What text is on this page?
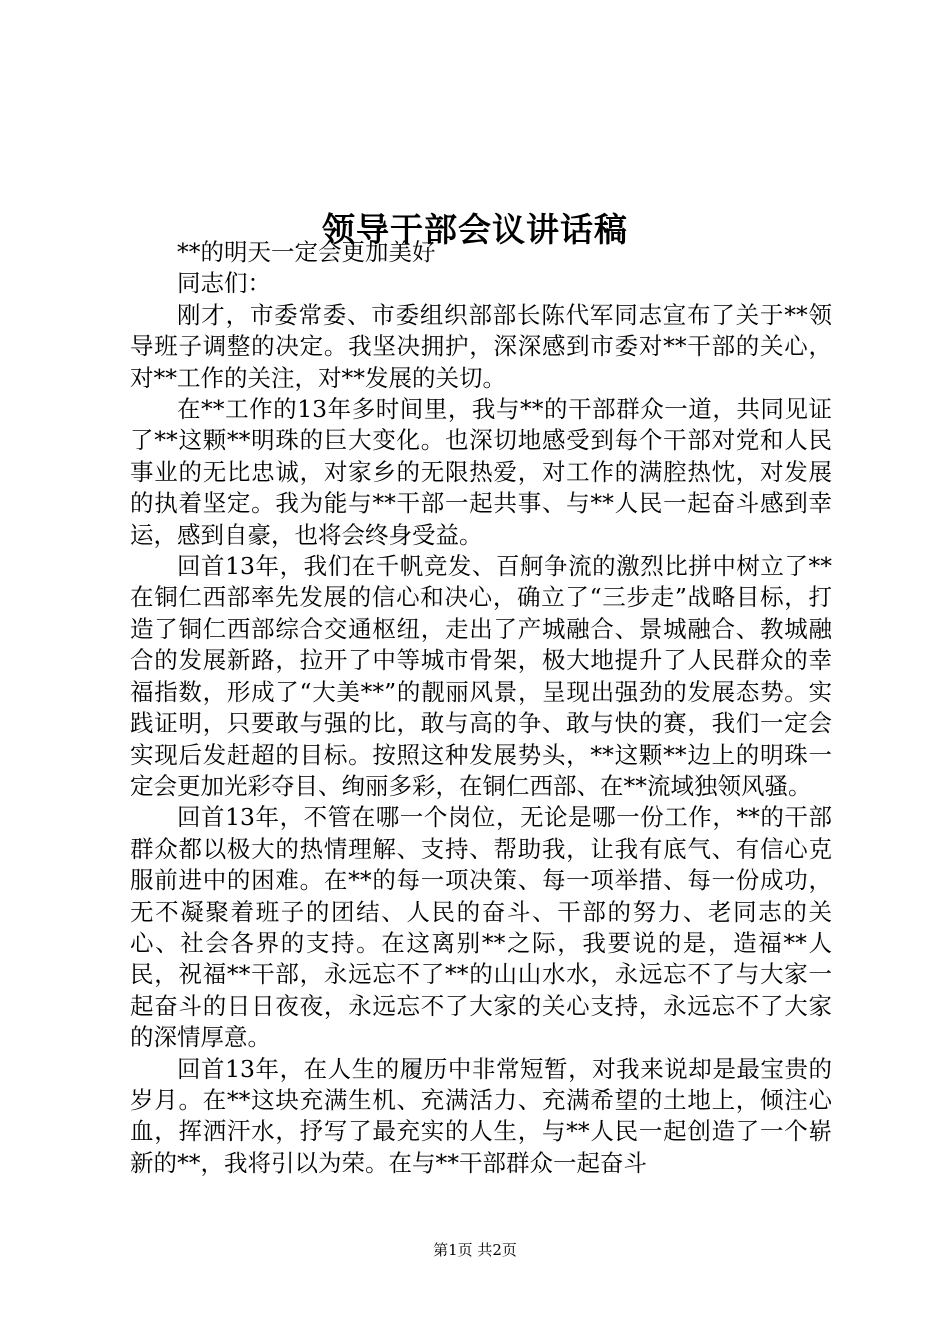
领导干部会议讲话稿

**的明天一定会更加美好

同志们：

刚才，市委常委、市委组织部部长陈代军同志宣布了关于**领导班子调整的决定。我坚决拥护，深深感到市委对**干部的关心，对**工作的关注，对**发展的关切。

在**工作的13年多时间里，我与**的干部群众一道，共同见证了**这颗**明珠的巨大变化。也深切地感受到每个干部对党和人民事业的无比忠诚，对家乡的无限热爱，对工作的满腔热忱，对发展的执着坚定。我为能与**干部一起共事、与**人民一起奋斗感到幸运，感到自豪，也将会终身受益。

回首13年，我们在千帆竞发、百舸争流的激烈比拼中树立了**在铜仁西部率先发展的信心和决心，确立了“三步走”战略目标，打造了铜仁西部综合交通枢纽，走出了产城融合、景城融合、教城融合的发展新路，拉开了中等城市骨架，极大地提升了人民群众的幸福指数，形成了“大美**”的靓丽风景，呈现出强劲的发展态势。实践证明，只要敢与强的比，敢与高的争、敢与快的赛，我们一定会实现后发赶超的目标。按照这种发展势头，**这颗**边上的明珠一定会更加光彩夺目、绚丽多彩，在铜仁西部、在**流域独领风骚。

回首13年，不管在哪一个岗位，无论是哪一份工作，**的干部群众都以极大的热情理解、支持、帮助我，让我有底气、有信心克服前进中的困难。在**的每一项决策、每一项举措、每一份成功，无不凝聚着班子的团结、人民的奋斗、干部的努力、老同志的关心、社会各界的支持。在这离别**之际，我要说的是，造福**人民，祝福**干部，永远忘不了**的山山水水，永远忘不了与大家一起奋斗的日日夜夜，永远忘不了大家的关心支持，永远忘不了大家的深情厚意。

回首13年，在人生的履历中非常短暂，对我来说却是最宝贵的岁月。在**这块充满生机、充满活力、充满希望的土地上，倾注心血，挥洒汗水，抒写了最充实的人生，与**人民一起创造了一个崭新的**，我将引以为荣。在与**干部群众一起奋斗

第1页 共2页
